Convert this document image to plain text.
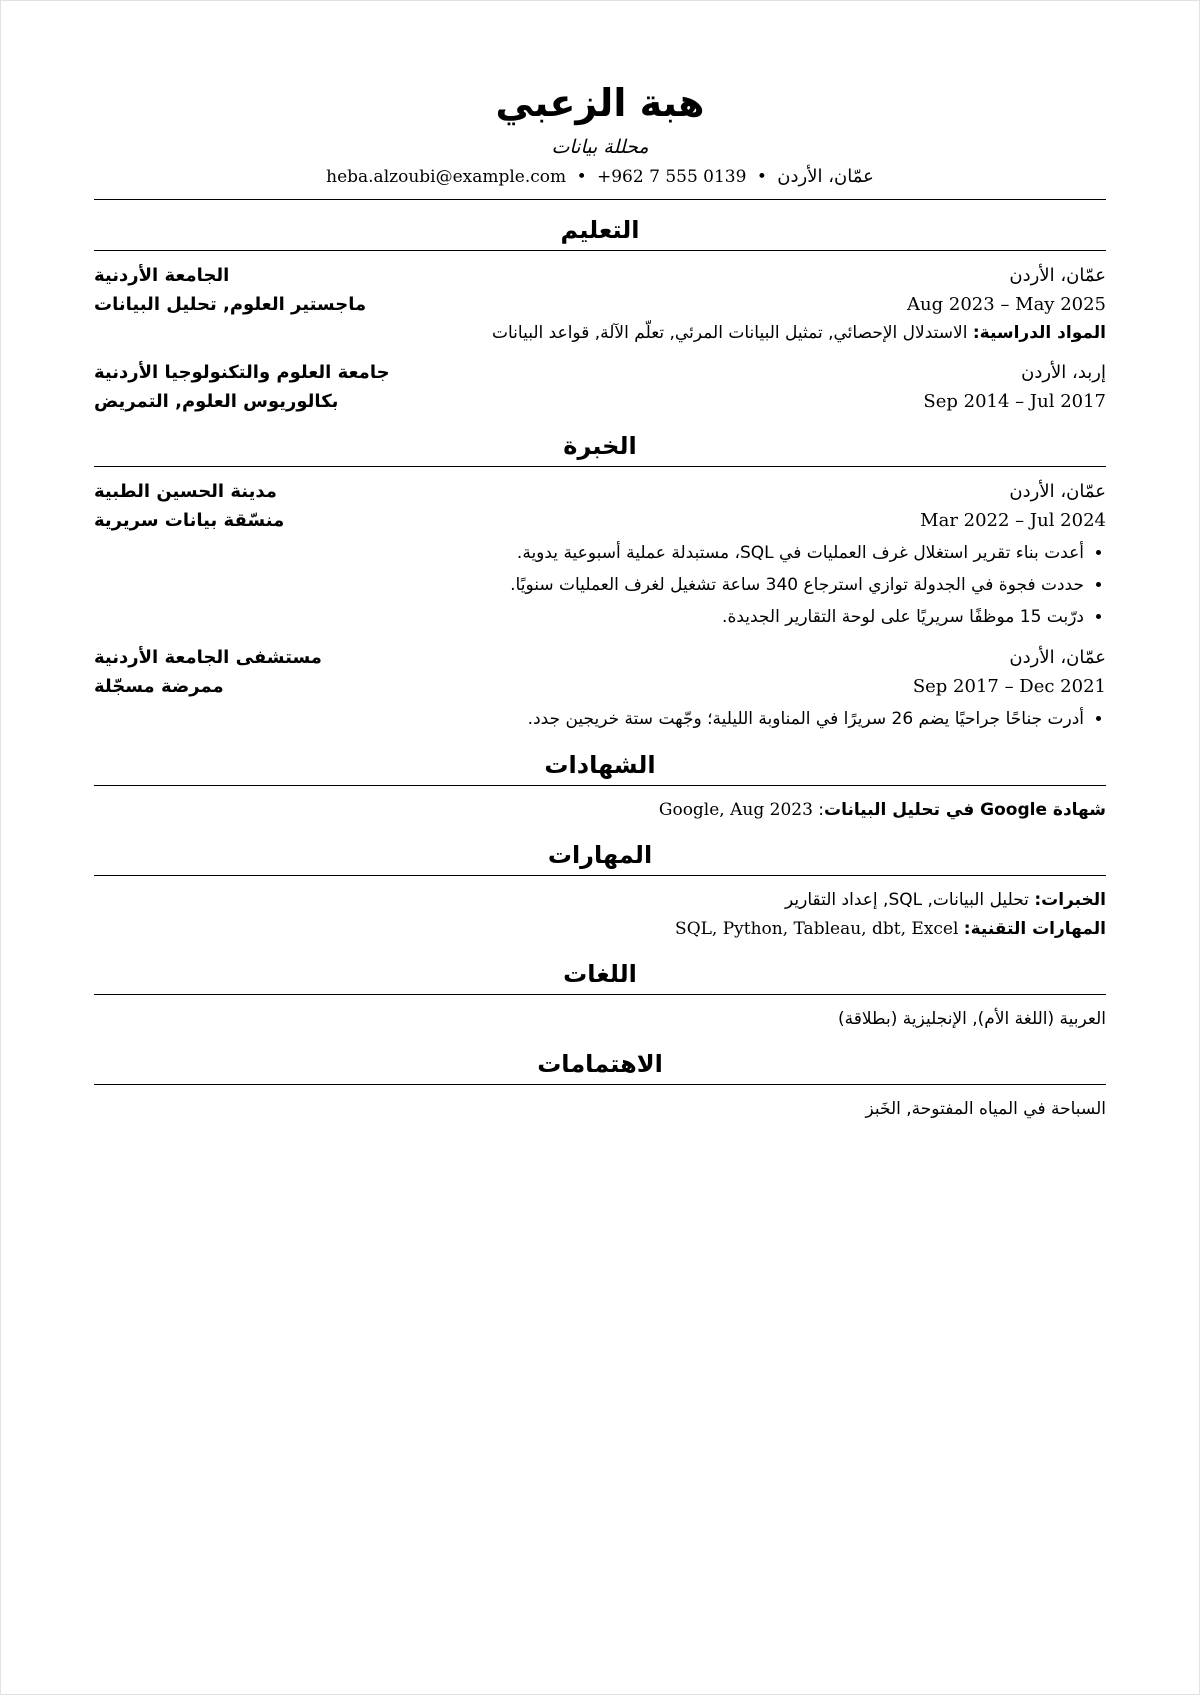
هبة الزعبي
محللة بيانات
عمّان، الأردن • +962 7 555 0139 • heba.alzoubi@example.com
التعليم
الجامعة الأردنية	عمّان، الأردن
ماجستير العلوم, تحليل البيانات	Aug 2023 – May 2025
المواد الدراسية: الاستدلال الإحصائي, تمثيل البيانات المرئي, تعلّم الآلة, قواعد البيانات
جامعة العلوم والتكنولوجيا الأردنية	إربد، الأردن
بكالوريوس العلوم, التمريض	Sep 2014 – Jul 2017
الخبرة
مدينة الحسين الطبية	عمّان، الأردن
منسّقة بيانات سريرية	Mar 2022 – Jul 2024
• أعدت بناء تقرير استغلال غرف العمليات في SQL، مستبدلة عملية أسبوعية يدوية.
• حددت فجوة في الجدولة توازي استرجاع 340 ساعة تشغيل لغرف العمليات سنويًا.
• درّبت 15 موظفًا سريريًا على لوحة التقارير الجديدة.
مستشفى الجامعة الأردنية	عمّان، الأردن
ممرضة مسجّلة	Sep 2017 – Dec 2021
• أدرت جناحًا جراحيًا يضم 26 سريرًا في المناوبة الليلية؛ وجّهت ستة خريجين جدد.
الشهادات
شهادة Google في تحليل البيانات: Google, Aug 2023
المهارات
الخبرات: تحليل البيانات, SQL, إعداد التقارير
المهارات التقنية: SQL, Python, Tableau, dbt, Excel
اللغات
العربية (اللغة الأم), الإنجليزية (بطلاقة)
الاهتمامات
السباحة في المياه المفتوحة, الخَبز
